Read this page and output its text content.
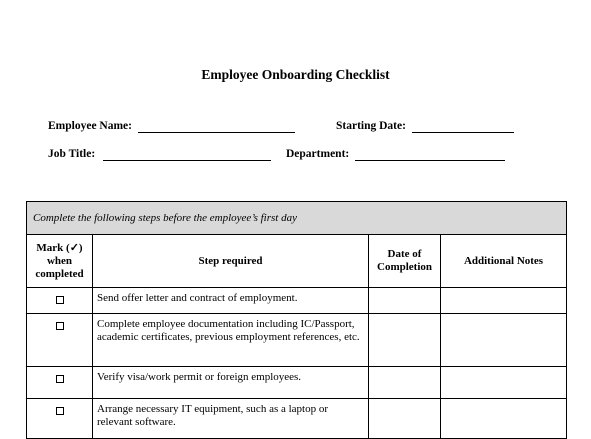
Employee Onboarding Checklist
Employee Name:	Starting Date:
Job Title:	Department:
Complete the following steps before the employee’s first day			
Mark (✓) when completed	Step required	Date of Completion	Additional Notes
	Send offer letter and contract of employment.		
	Complete employee documentation including IC/Passport, academic certificates, previous employment references, etc.		
	Verify visa/work permit or foreign employees.		
	Arrange necessary IT equipment, such as a laptop or relevant software.		
